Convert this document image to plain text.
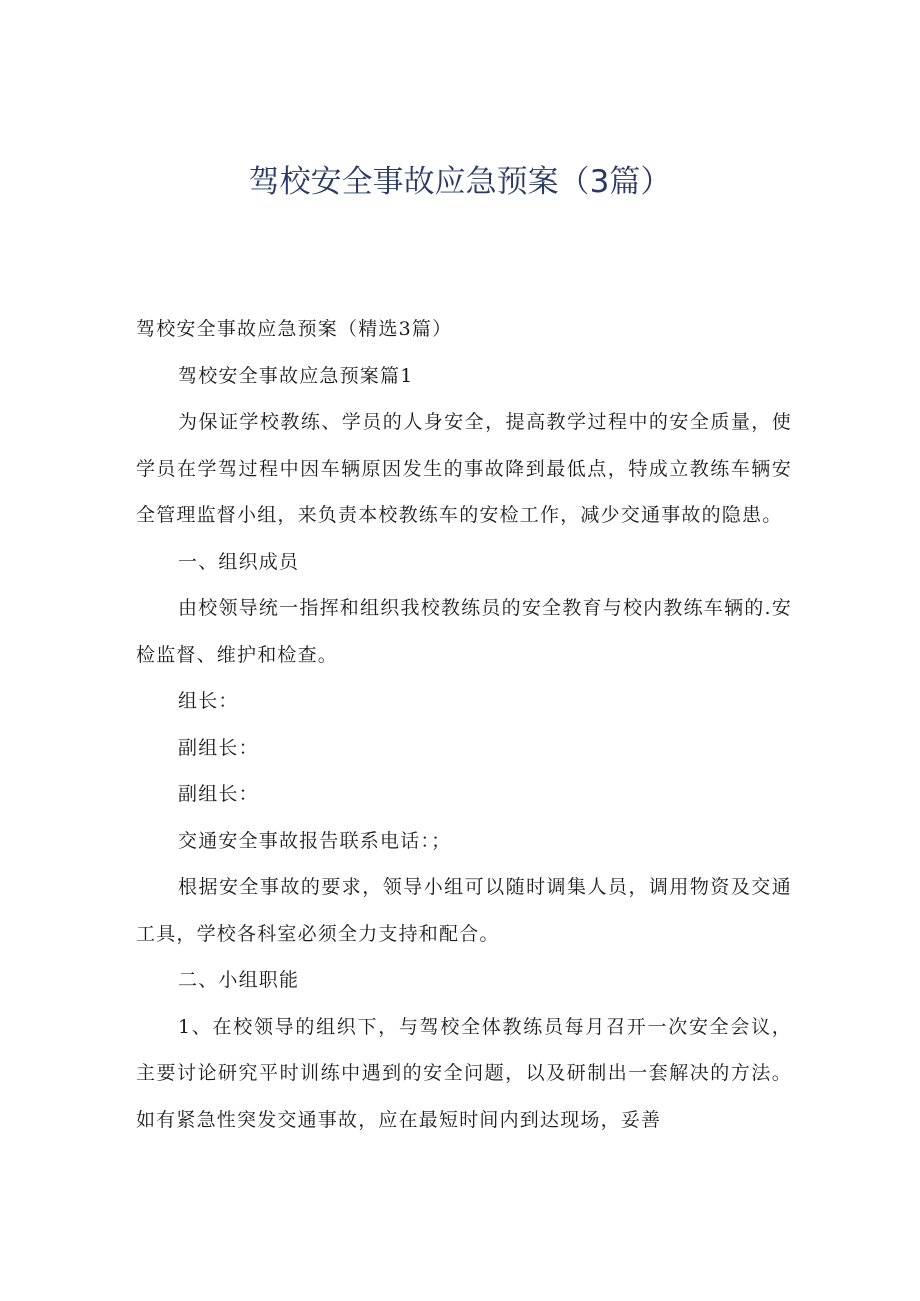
驾校安全事故应急预案（3篇）

驾校安全事故应急预案（精选3篇）

驾校安全事故应急预案篇1

为保证学校教练、学员的人身安全，提高教学过程中的安全质量，使学员在学驾过程中因车辆原因发生的事故降到最低点，特成立教练车辆安全管理监督小组，来负责本校教练车的安检工作，减少交通事故的隐患。

一、组织成员

由校领导统一指挥和组织我校教练员的安全教育与校内教练车辆的.安检监督、维护和检查。

组长：

副组长：

副组长：

交通安全事故报告联系电话：；

根据安全事故的要求，领导小组可以随时调集人员，调用物资及交通工具，学校各科室必须全力支持和配合。

二、小组职能

1、在校领导的组织下，与驾校全体教练员每月召开一次安全会议，主要讨论研究平时训练中遇到的安全问题，以及研制出一套解决的方法。如有紧急性突发交通事故，应在最短时间内到达现场，妥善
